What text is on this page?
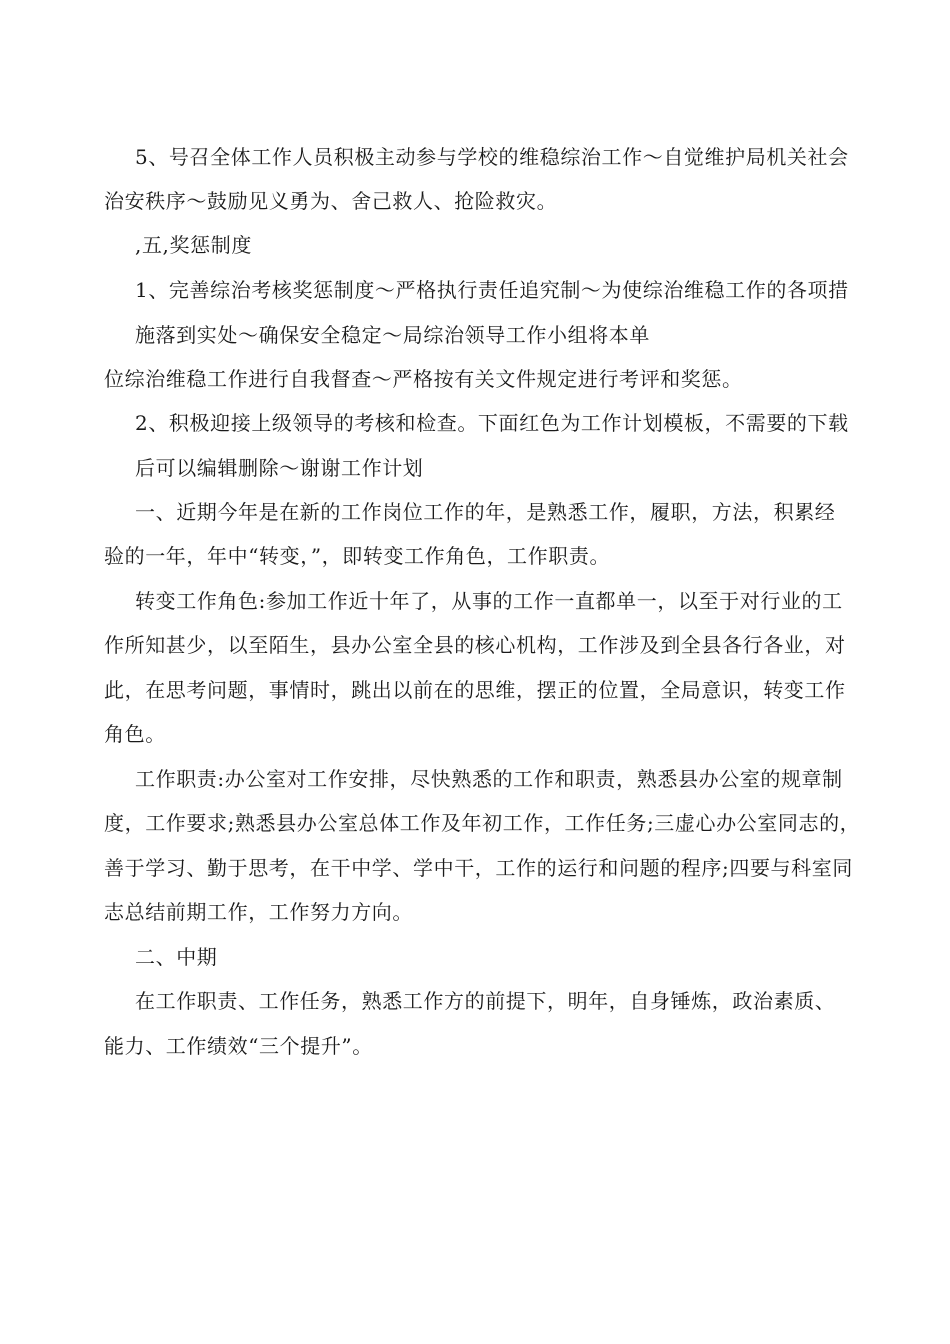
5、号召全体工作人员积极主动参与学校的维稳综治工作〜自觉维护局机关社会
治安秩序〜鼓励见义勇为、舍己救人、抢险救灾。
,五,奖惩制度
1、完善综治考核奖惩制度〜严格执行责任追究制〜为使综治维稳工作的各项措
施落到实处〜确保安全稳定〜局综治领导工作小组将本单
位综治维稳工作进行自我督查〜严格按有关文件规定进行考评和奖惩。
2、积极迎接上级领导的考核和检查。下面红色为工作计划模板，不需要的下载
后可以编辑删除〜谢谢工作计划
一、近期今年是在新的工作岗位工作的年，是熟悉工作，履职，方法，积累经
验的一年，年中“转变，”，即转变工作角色，工作职责。
转变工作角色:参加工作近十年了，从事的工作一直都单一，以至于对行业的工
作所知甚少，以至陌生，县办公室全县的核心机构，工作涉及到全县各行各业，对
此，在思考问题，事情时，跳出以前在的思维，摆正的位置，全局意识，转变工作
角色。
工作职责:办公室对工作安排，尽快熟悉的工作和职责，熟悉县办公室的规章制
度，工作要求;熟悉县办公室总体工作及年初工作，工作任务;三虚心办公室同志的，
善于学习、勤于思考，在干中学、学中干，工作的运行和问题的程序;四要与科室同
志总结前期工作，工作努力方向。
二、中期
在工作职责、工作任务，熟悉工作方的前提下，明年，自身锤炼，政治素质、
能力、工作绩效“三个提升”。
